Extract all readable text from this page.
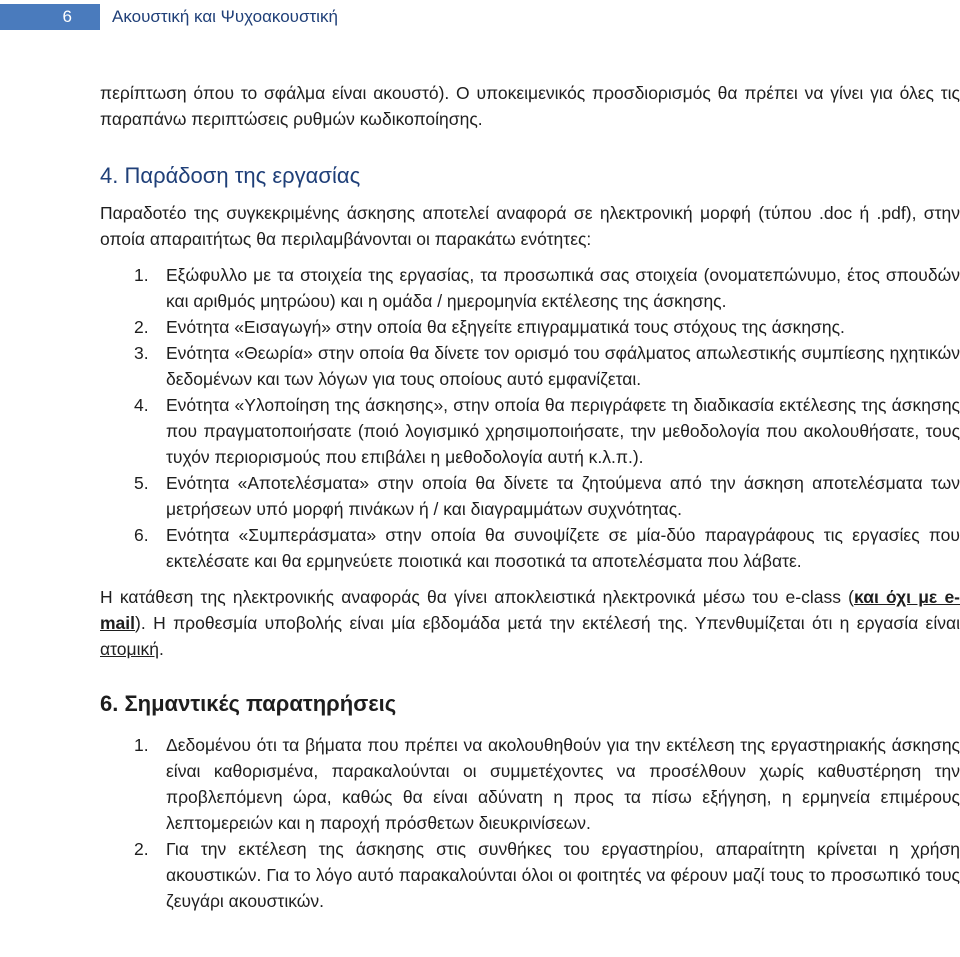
6	Ακουστική και Ψυχοακουστική

περίπτωση όπου το σφάλμα είναι ακουστό). Ο υποκειμενικός προσδιορισμός θα πρέπει να γίνει για όλες τις παραπάνω περιπτώσεις ρυθμών κωδικοποίησης.

4. Παράδοση της εργασίας

Παραδοτέο της συγκεκριμένης άσκησης αποτελεί αναφορά σε ηλεκτρονική μορφή (τύπου .doc ή .pdf), στην οποία απαραιτήτως θα περιλαμβάνονται οι παρακάτω ενότητες:

1. Εξώφυλλο με τα στοιχεία της εργασίας, τα προσωπικά σας στοιχεία (ονοματεπώνυμο, έτος σπουδών και αριθμός μητρώου) και η ομάδα / ημερομηνία εκτέλεσης της άσκησης.
2. Ενότητα «Εισαγωγή» στην οποία θα εξηγείτε επιγραμματικά τους στόχους της άσκησης.
3. Ενότητα «Θεωρία» στην οποία θα δίνετε τον ορισμό του σφάλματος απωλεστικής συμπίεσης ηχητικών δεδομένων και των λόγων για τους οποίους αυτό εμφανίζεται.
4. Ενότητα «Υλοποίηση της άσκησης», στην οποία θα περιγράφετε τη διαδικασία εκτέλεσης της άσκησης που πραγματοποιήσατε (ποιό λογισμικό χρησιμοποιήσατε, την μεθοδολογία που ακολουθήσατε, τους τυχόν περιορισμούς που επιβάλει η μεθοδολογία αυτή κ.λ.π.).
5. Ενότητα «Αποτελέσματα» στην οποία θα δίνετε τα ζητούμενα από την άσκηση αποτελέσματα των μετρήσεων υπό μορφή πινάκων ή / και διαγραμμάτων συχνότητας.
6. Ενότητα «Συμπεράσματα» στην οποία θα συνοψίζετε σε μία-δύο παραγράφους τις εργασίες που εκτελέσατε και θα ερμηνεύετε ποιοτικά και ποσοτικά τα αποτελέσματα που λάβατε.

Η κατάθεση της ηλεκτρονικής αναφοράς θα γίνει αποκλειστικά ηλεκτρονικά μέσω του e-class (και όχι με e-mail). Η προθεσμία υποβολής είναι μία εβδομάδα μετά την εκτέλεσή της. Υπενθυμίζεται ότι η εργασία είναι ατομική.

6. Σημαντικές παρατηρήσεις
1. Δεδομένου ότι τα βήματα που πρέπει να ακολουθηθούν για την εκτέλεση της εργαστηριακής άσκησης είναι καθορισμένα, παρακαλούνται οι συμμετέχοντες να προσέλθουν χωρίς καθυστέρηση την προβλεπόμενη ώρα, καθώς θα είναι αδύνατη η προς τα πίσω εξήγηση, η ερμηνεία επιμέρους λεπτομερειών και η παροχή πρόσθετων διευκρινίσεων.
2. Για την εκτέλεση της άσκησης στις συνθήκες του εργαστηρίου, απαραίτητη κρίνεται η χρήση ακουστικών. Για το λόγο αυτό παρακαλούνται όλοι οι φοιτητές να φέρουν μαζί τους το προσωπικό τους ζευγάρι ακουστικών.
